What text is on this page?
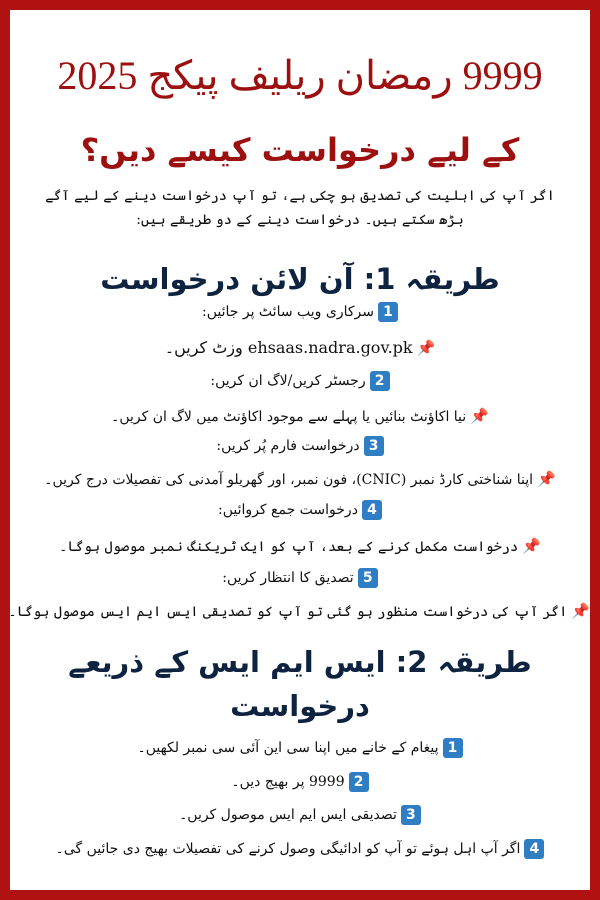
9999 رمضان ریلیف پیکج 2025
کے لیے درخواست کیسے دیں؟
اگر آپ کی اہلیت کی تصدیق ہو چکی ہے، تو آپ درخواست دینے کے لیے آگے بڑھ سکتے ہیں۔ درخواست دینے کے دو طریقے ہیں:
طریقہ 1: آن لائن درخواست
1سرکاری ویب سائٹ پر جائیں:
📌ehsaas.nadra.gov.pk وزٹ کریں۔
2رجسٹر کریں/لاگ ان کریں:
📌نیا اکاؤنٹ بنائیں یا پہلے سے موجود اکاؤنٹ میں لاگ ان کریں۔
3درخواست فارم پُر کریں:
📌اپنا شناختی کارڈ نمبر (CNIC)، فون نمبر، اور گھریلو آمدنی کی تفصیلات درج کریں۔
4درخواست جمع کروائیں:
📌درخواست مکمل کرنے کے بعد، آپ کو ایک ٹریکنگ نمبر موصول ہوگا۔
5تصدیق کا انتظار کریں:
📌اگر آپ کی درخواست منظور ہو گئی تو آپ کو تصدیقی ایس ایم ایس موصول ہوگا۔
طریقہ 2: ایس ایم ایس کے ذریعے درخواست
1پیغام کے خانے میں اپنا سی این آئی سی نمبر لکھیں۔
29999 پر بھیج دیں۔
3تصدیقی ایس ایم ایس موصول کریں۔
4اگر آپ اہل ہوئے تو آپ کو ادائیگی وصول کرنے کی تفصیلات بھیج دی جائیں گی۔
